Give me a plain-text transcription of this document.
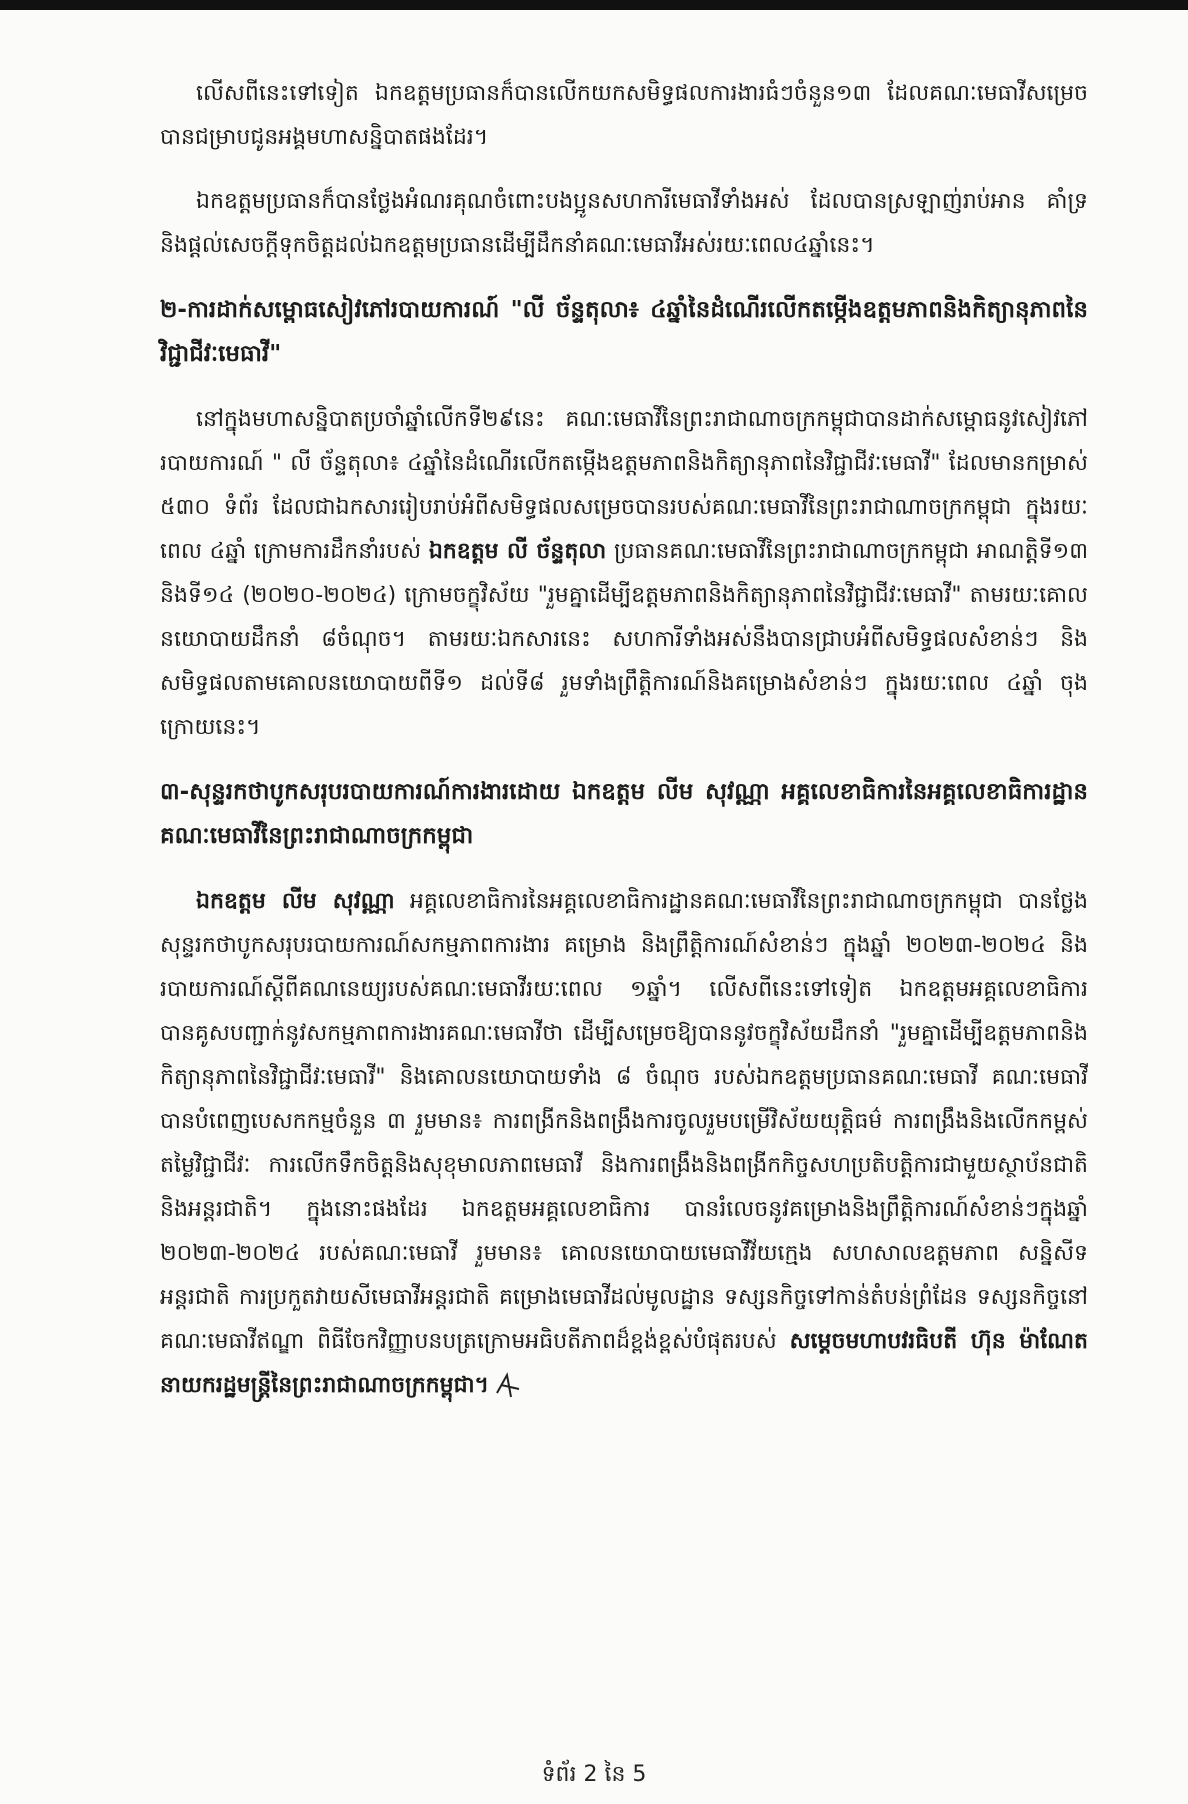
លើសពីនេះទៅទៀត ឯកឧត្តមប្រធានក៏បានលើកយកសមិទ្ធផលការងារធំៗចំនួន១៣ ដែលគណៈមេធាវីសម្រេចបានជម្រាបជូនអង្គមហាសន្និបាតផងដែរ។

ឯកឧត្តមប្រធានក៏បានថ្លែងអំណរគុណចំពោះបងប្អូនសហការីមេធាវីទាំងអស់ ដែលបានស្រឡាញ់រាប់អាន គាំទ្រ និងផ្តល់សេចក្តីទុកចិត្តដល់ឯកឧត្តមប្រធានដើម្បីដឹកនាំគណៈមេធាវីអស់រយៈពេល៤ឆ្នាំនេះ។

២-ការដាក់សម្ពោធសៀវភៅរបាយការណ៍ "លី ច័ន្ទតុលា៖ ៤ឆ្នាំនៃដំណើរលើកតម្កើងឧត្តមភាពនិងកិត្យានុភាពនៃវិជ្ជាជីវៈមេធាវី"

នៅក្នុងមហាសន្និបាតប្រចាំឆ្នាំលើកទី២៩នេះ គណៈមេធាវីនៃព្រះរាជាណាចក្រកម្ពុជាបានដាក់សម្ពោធនូវសៀវភៅរបាយការណ៍ " លី ច័ន្ទតុលា៖ ៤ឆ្នាំនៃដំណើរលើកតម្កើងឧត្តមភាពនិងកិត្យានុភាពនៃវិជ្ជាជីវៈមេធាវី" ដែលមានកម្រាស់ ៥៣០ ទំព័រ ដែលជាឯកសាររៀបរាប់អំពីសមិទ្ធផលសម្រេចបានរបស់គណៈមេធាវីនៃព្រះរាជាណាចក្រកម្ពុជា ក្នុងរយៈពេល ៤ឆ្នាំ ក្រោមការដឹកនាំរបស់ ឯកឧត្តម លី ច័ន្ទតុលា ប្រធានគណៈមេធាវីនៃព្រះរាជាណាចក្រកម្ពុជា អាណត្តិទី១៣ និងទី១៤ (២០២០-២០២៤) ក្រោមចក្ខុវិស័យ "រួមគ្នាដើម្បីឧត្តមភាពនិងកិត្យានុភាពនៃវិជ្ជាជីវៈមេធាវី" តាមរយៈគោលនយោបាយដឹកនាំ ៨ចំណុច។ តាមរយៈឯកសារនេះ សហការីទាំងអស់នឹងបានជ្រាបអំពីសមិទ្ធផលសំខាន់ៗ និងសមិទ្ធផលតាមគោលនយោបាយពីទី១ ដល់ទី៨ រួមទាំងព្រឹត្តិការណ៍និងគម្រោងសំខាន់ៗ ក្នុងរយៈពេល ៤ឆ្នាំ ចុងក្រោយនេះ។

៣-សុន្ទរកថាបូកសរុបរបាយការណ៍ការងារដោយ ឯកឧត្តម លីម សុវណ្ណា អគ្គលេខាធិការនៃអគ្គលេខាធិការដ្ឋានគណៈមេធាវីនៃព្រះរាជាណាចក្រកម្ពុជា

ឯកឧត្តម លីម សុវណ្ណា អគ្គលេខាធិការនៃអគ្គលេខាធិការដ្ឋានគណៈមេធាវីនៃព្រះរាជាណាចក្រកម្ពុជា បានថ្លែងសុន្ទរកថាបូកសរុបរបាយការណ៍សកម្មភាពការងារ គម្រោង និងព្រឹត្តិការណ៍សំខាន់ៗ ក្នុងឆ្នាំ ២០២៣-២០២៤ និងរបាយការណ៍ស្តីពីគណនេយ្យរបស់គណៈមេធាវីរយៈពេល ១ឆ្នាំ។ លើសពីនេះទៅទៀត ឯកឧត្តមអគ្គលេខាធិការ បានគូសបញ្ជាក់នូវសកម្មភាពការងារគណៈមេធាវីថា ដើម្បីសម្រេចឱ្យបាននូវចក្ខុវិស័យដឹកនាំ "រួមគ្នាដើម្បីឧត្តមភាពនិងកិត្យានុភាពនៃវិជ្ជាជីវៈមេធាវី" និងគោលនយោបាយទាំង ៨ ចំណុច របស់ឯកឧត្តមប្រធានគណៈមេធាវី គណៈមេធាវីបានបំពេញបេសកកម្មចំនួន ៣ រួមមាន៖ ការពង្រីកនិងពង្រឹងការចូលរួមបម្រើវិស័យយុត្តិធម៌ ការពង្រឹងនិងលើកកម្ពស់តម្លៃវិជ្ជាជីវៈ ការលើកទឹកចិត្តនិងសុខុមាលភាពមេធាវី និងការពង្រឹងនិងពង្រីកកិច្ចសហប្រតិបត្តិការជាមួយស្ថាប័នជាតិនិងអន្តរជាតិ។ ក្នុងនោះផងដែរ ឯកឧត្តមអគ្គលេខាធិការ បានរំលេចនូវគម្រោងនិងព្រឹត្តិការណ៍សំខាន់ៗក្នុងឆ្នាំ ២០២៣-២០២៤ របស់គណៈមេធាវី រួមមាន៖ គោលនយោបាយមេធាវីវ័យក្មេង សហសាលឧត្តមភាព សន្និសីទអន្តរជាតិ ការប្រកួតវាយសីមេធាវីអន្តរជាតិ គម្រោងមេធាវីដល់មូលដ្ឋាន ទស្សនកិច្ចទៅកាន់តំបន់ព្រំដែន ទស្សនកិច្ចនៅគណៈមេធាវីឥណ្ឌា ពិធីចែកវិញ្ញាបនបត្រក្រោមអធិបតីភាពដ៏ខ្ពង់ខ្ពស់បំផុតរបស់ សម្តេចមហាបវរធិបតី ហ៊ុន ម៉ាណែត នាយករដ្ឋមន្ត្រីនៃព្រះរាជាណាចក្រកម្ពុជា។

ទំព័រ 2 នៃ 5
